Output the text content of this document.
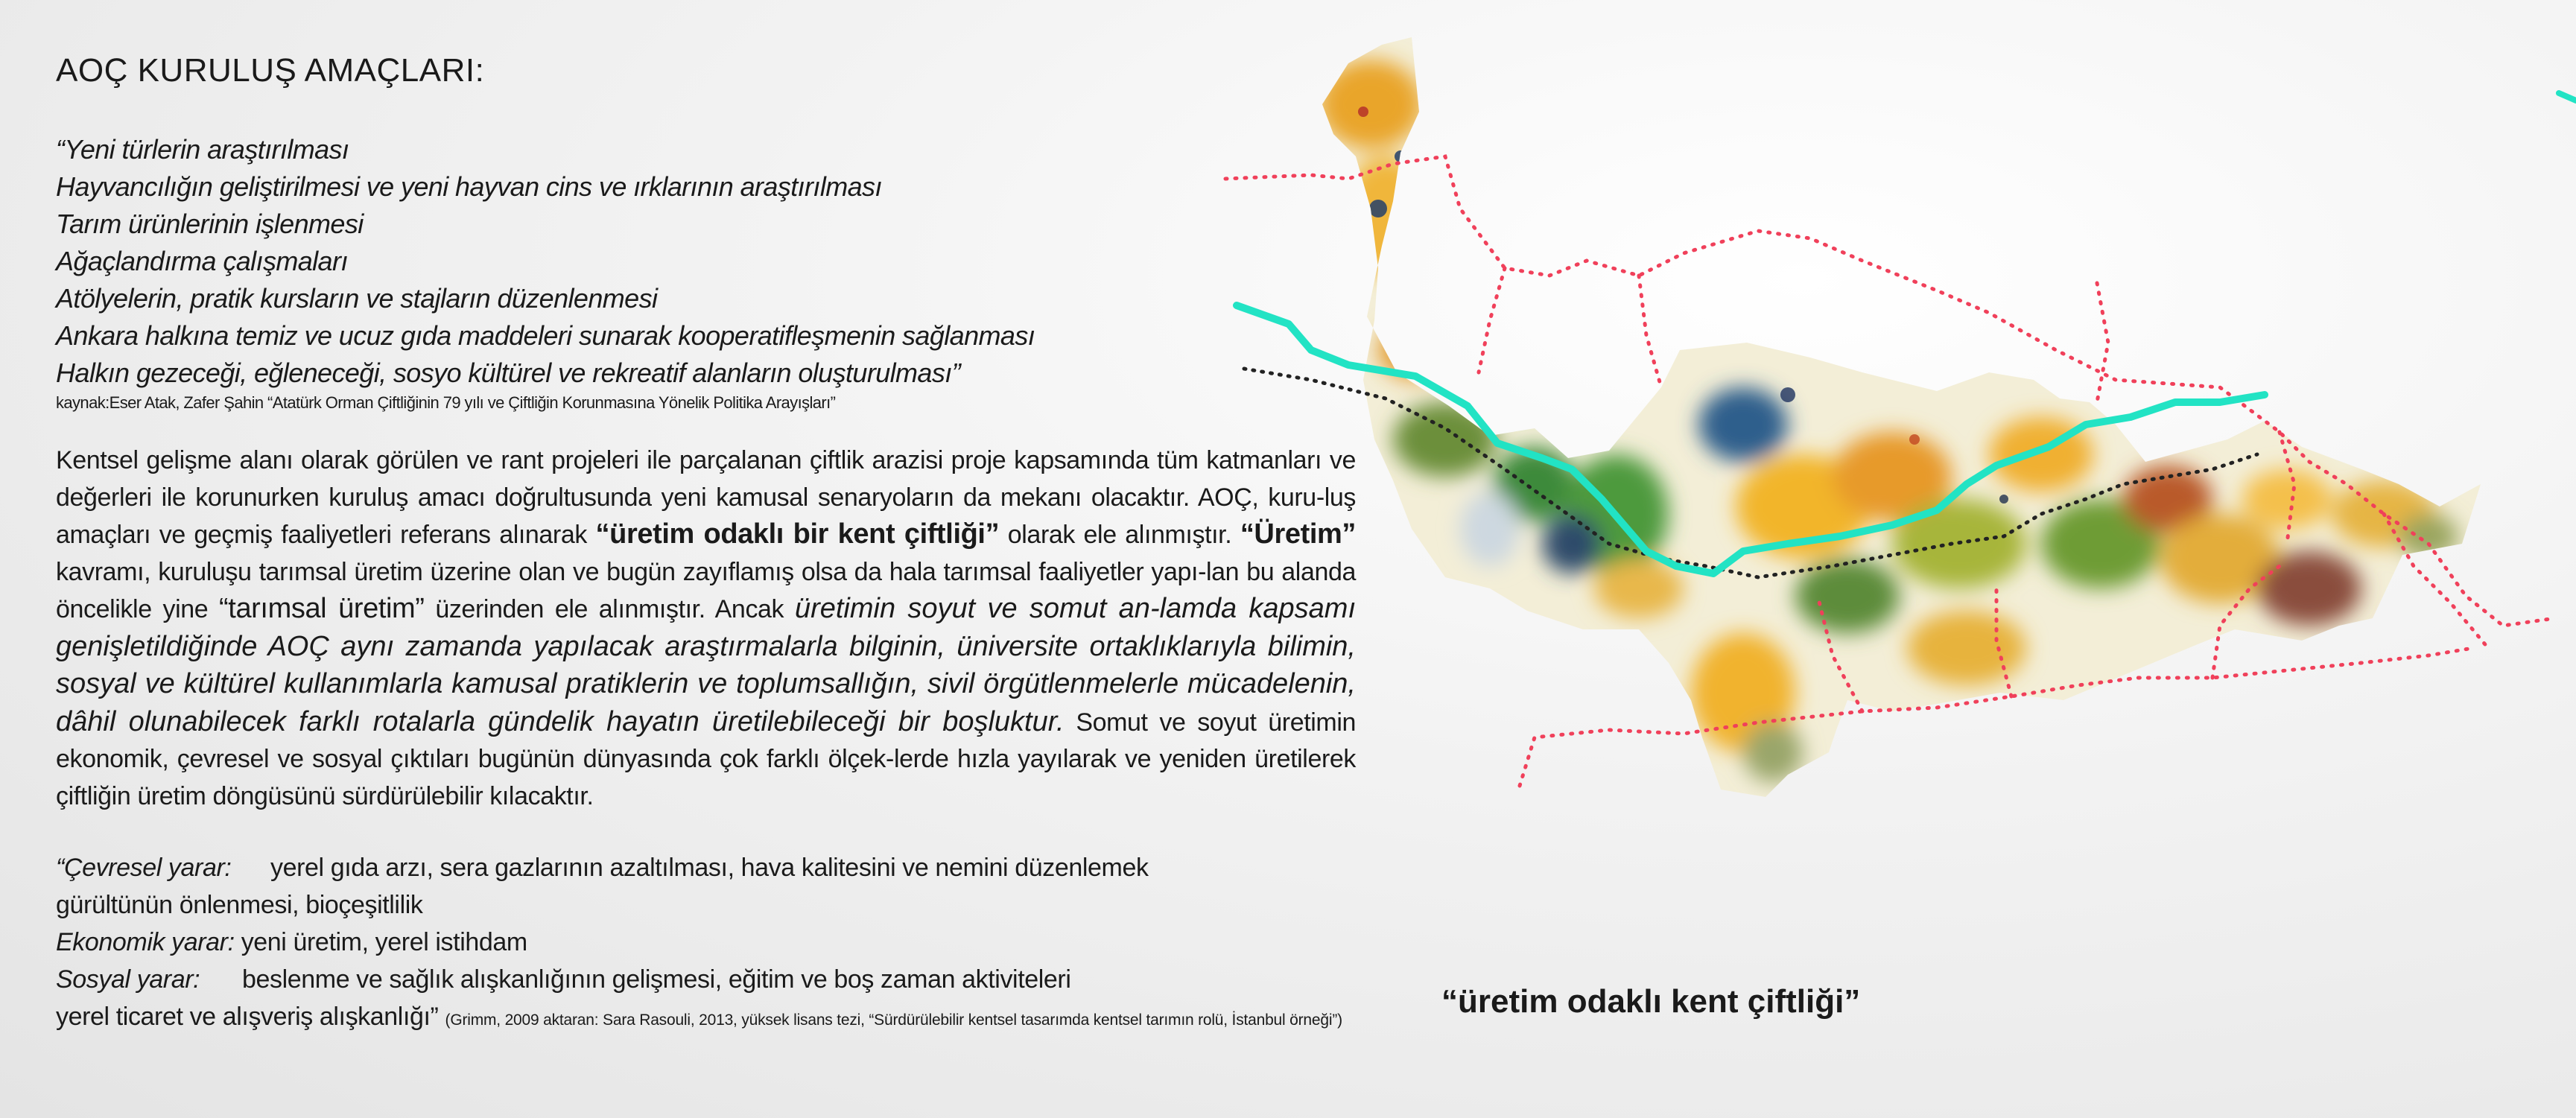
AOÇ KURULUŞ AMAÇLARI:
“Yeni türlerin araştırılması
Hayvancılığın geliştirilmesi ve yeni hayvan cins ve ırklarının araştırılması
Tarım ürünlerinin işlenmesi
Ağaçlandırma çalışmaları
Atölyelerin, pratik kursların ve stajların düzenlenmesi
Ankara halkına temiz ve ucuz gıda maddeleri sunarak kooperatifleşmenin sağlanması
Halkın gezeceği, eğleneceği, sosyo kültürel ve rekreatif alanların oluşturulması”
kaynak:Eser Atak, Zafer Şahin “Atatürk Orman Çiftliğinin 79 yılı ve Çiftliğin Korunmasına Yönelik Politika Arayışları”
Kentsel gelişme alanı olarak görülen ve rant projeleri ile parçalanan çiftlik arazisi proje kapsamında tüm katmanları ve değerleri ile korunurken kuruluş amacı doğrultusunda yeni kamusal senaryoların da mekanı olacaktır. AOÇ, kuru-luş amaçları ve geçmiş faaliyetleri referans alınarak “üretim odaklı bir kent çiftliği” olarak ele alınmıştır. “Üretim” kavramı, kuruluşu tarımsal üretim üzerine olan ve bugün zayıflamış olsa da hala tarımsal faaliyetler yapı-lan bu alanda öncelikle yine “tarımsal üretim” üzerinden ele alınmıştır. Ancak üretimin soyut ve somut an-lamda kapsamı genişletildiğinde AOÇ aynı zamanda yapılacak araştırmalarla bilginin, üniversite ortaklıklarıyla bilimin, sosyal ve kültürel kullanımlarla kamusal pratiklerin ve toplumsallığın, sivil örgütlenmelerle mücadelenin, dâhil olunabilecek farklı rotalarla gündelik hayatın üretilebileceği bir boşluktur. Somut ve soyut üretimin ekonomik, çevresel ve sosyal çıktıları bugünün dünyasında çok farklı ölçek-lerde hızla yayılarak ve yeniden üretilerek çiftliğin üretim döngüsünü sürdürülebilir kılacaktır.
“Çevresel yarar: yerel gıda arzı, sera gazlarının azaltılması, hava kalitesini ve nemini düzenlemek
gürültünün önlenmesi, bioçeşitlilik
Ekonomik yarar: yeni üretim, yerel istihdam
Sosyal yarar: beslenme ve sağlık alışkanlığının gelişmesi, eğitim ve boş zaman aktiviteleri
yerel ticaret ve alışveriş alışkanlığı” (Grimm, 2009 aktaran: Sara Rasouli, 2013, yüksek lisans tezi, “Sürdürülebilir kentsel tasarımda kentsel tarımın rolü, İstanbul örneği”)
“üretim odaklı kent çiftliği”
